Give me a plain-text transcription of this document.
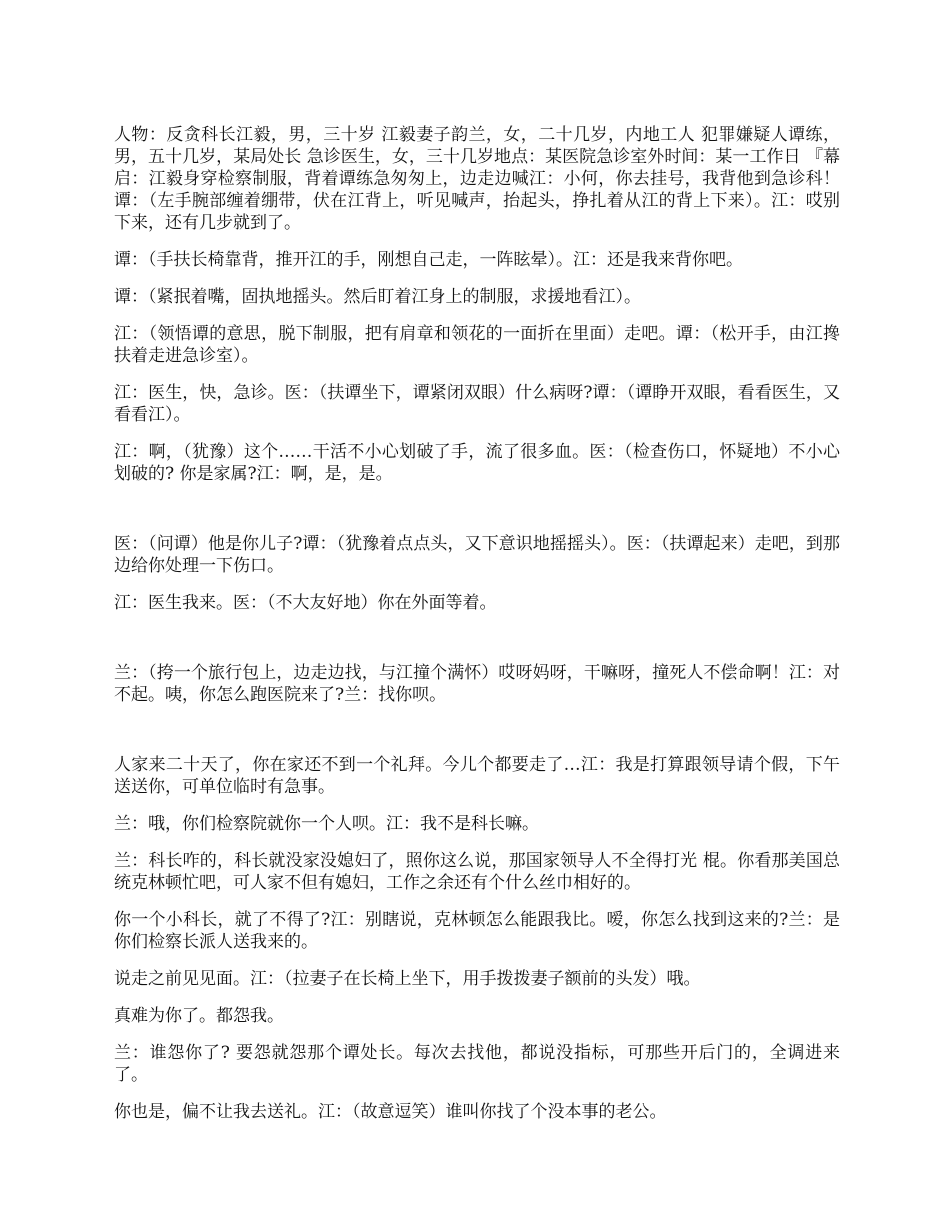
人物：反贪科长江毅，男，三十岁 江毅妻子韵兰，女，二十几岁，内地工人 犯罪嫌疑人谭练，男，五十几岁，某局处长 急诊医生，女，三十几岁地点：某医院急诊室外时间：某一工作日 『幕启：江毅身穿检察制服，背着谭练急匆匆上，边走边喊江：小何，你去挂号，我背他到急诊科！谭：（左手腕部缠着绷带，伏在江背上，听见喊声，抬起头，挣扎着从江的背上下来）。江：哎别下来，还有几步就到了。

谭：（手扶长椅靠背，推开江的手，刚想自己走，一阵眩晕）。江：还是我来背你吧。

谭：（紧抿着嘴，固执地摇头。然后盯着江身上的制服，求援地看江）。

江：（领悟谭的意思，脱下制服，把有肩章和领花的一面折在里面）走吧。谭：（松开手，由江搀扶着走进急诊室）。

江：医生，快，急诊。医：（扶谭坐下，谭紧闭双眼）什么病呀?谭：（谭睁开双眼，看看医生，又看看江）。

江：啊，（犹豫）这个……干活不小心划破了手，流了很多血。医：（检查伤口，怀疑地）不小心划破的? 你是家属?江：啊，是，是。

医：（问谭）他是你儿子?谭：（犹豫着点点头，又下意识地摇摇头）。医：（扶谭起来）走吧，到那边给你处理一下伤口。

江：医生我来。医：（不大友好地）你在外面等着。

兰：（挎一个旅行包上，边走边找，与江撞个满怀）哎呀妈呀，干嘛呀，撞死人不偿命啊！江：对不起。咦，你怎么跑医院来了?兰：找你呗。

人家来二十天了，你在家还不到一个礼拜。今儿个都要走了…江：我是打算跟领导请个假，下午送送你，可单位临时有急事。

兰：哦，你们检察院就你一个人呗。江：我不是科长嘛。

兰：科长咋的，科长就没家没媳妇了，照你这么说，那国家领导人不全得打光 棍。你看那美国总统克林顿忙吧，可人家不但有媳妇，工作之余还有个什么丝巾相好的。

你一个小科长，就了不得了?江：别瞎说，克林顿怎么能跟我比。嗳，你怎么找到这来的?兰：是你们检察长派人送我来的。

说走之前见见面。江：（拉妻子在长椅上坐下，用手拨拨妻子额前的头发）哦。

真难为你了。都怨我。

兰：谁怨你了? 要怨就怨那个谭处长。每次去找他，都说没指标，可那些开后门的，全调进来了。

你也是，偏不让我去送礼。江：（故意逗笑）谁叫你找了个没本事的老公。
